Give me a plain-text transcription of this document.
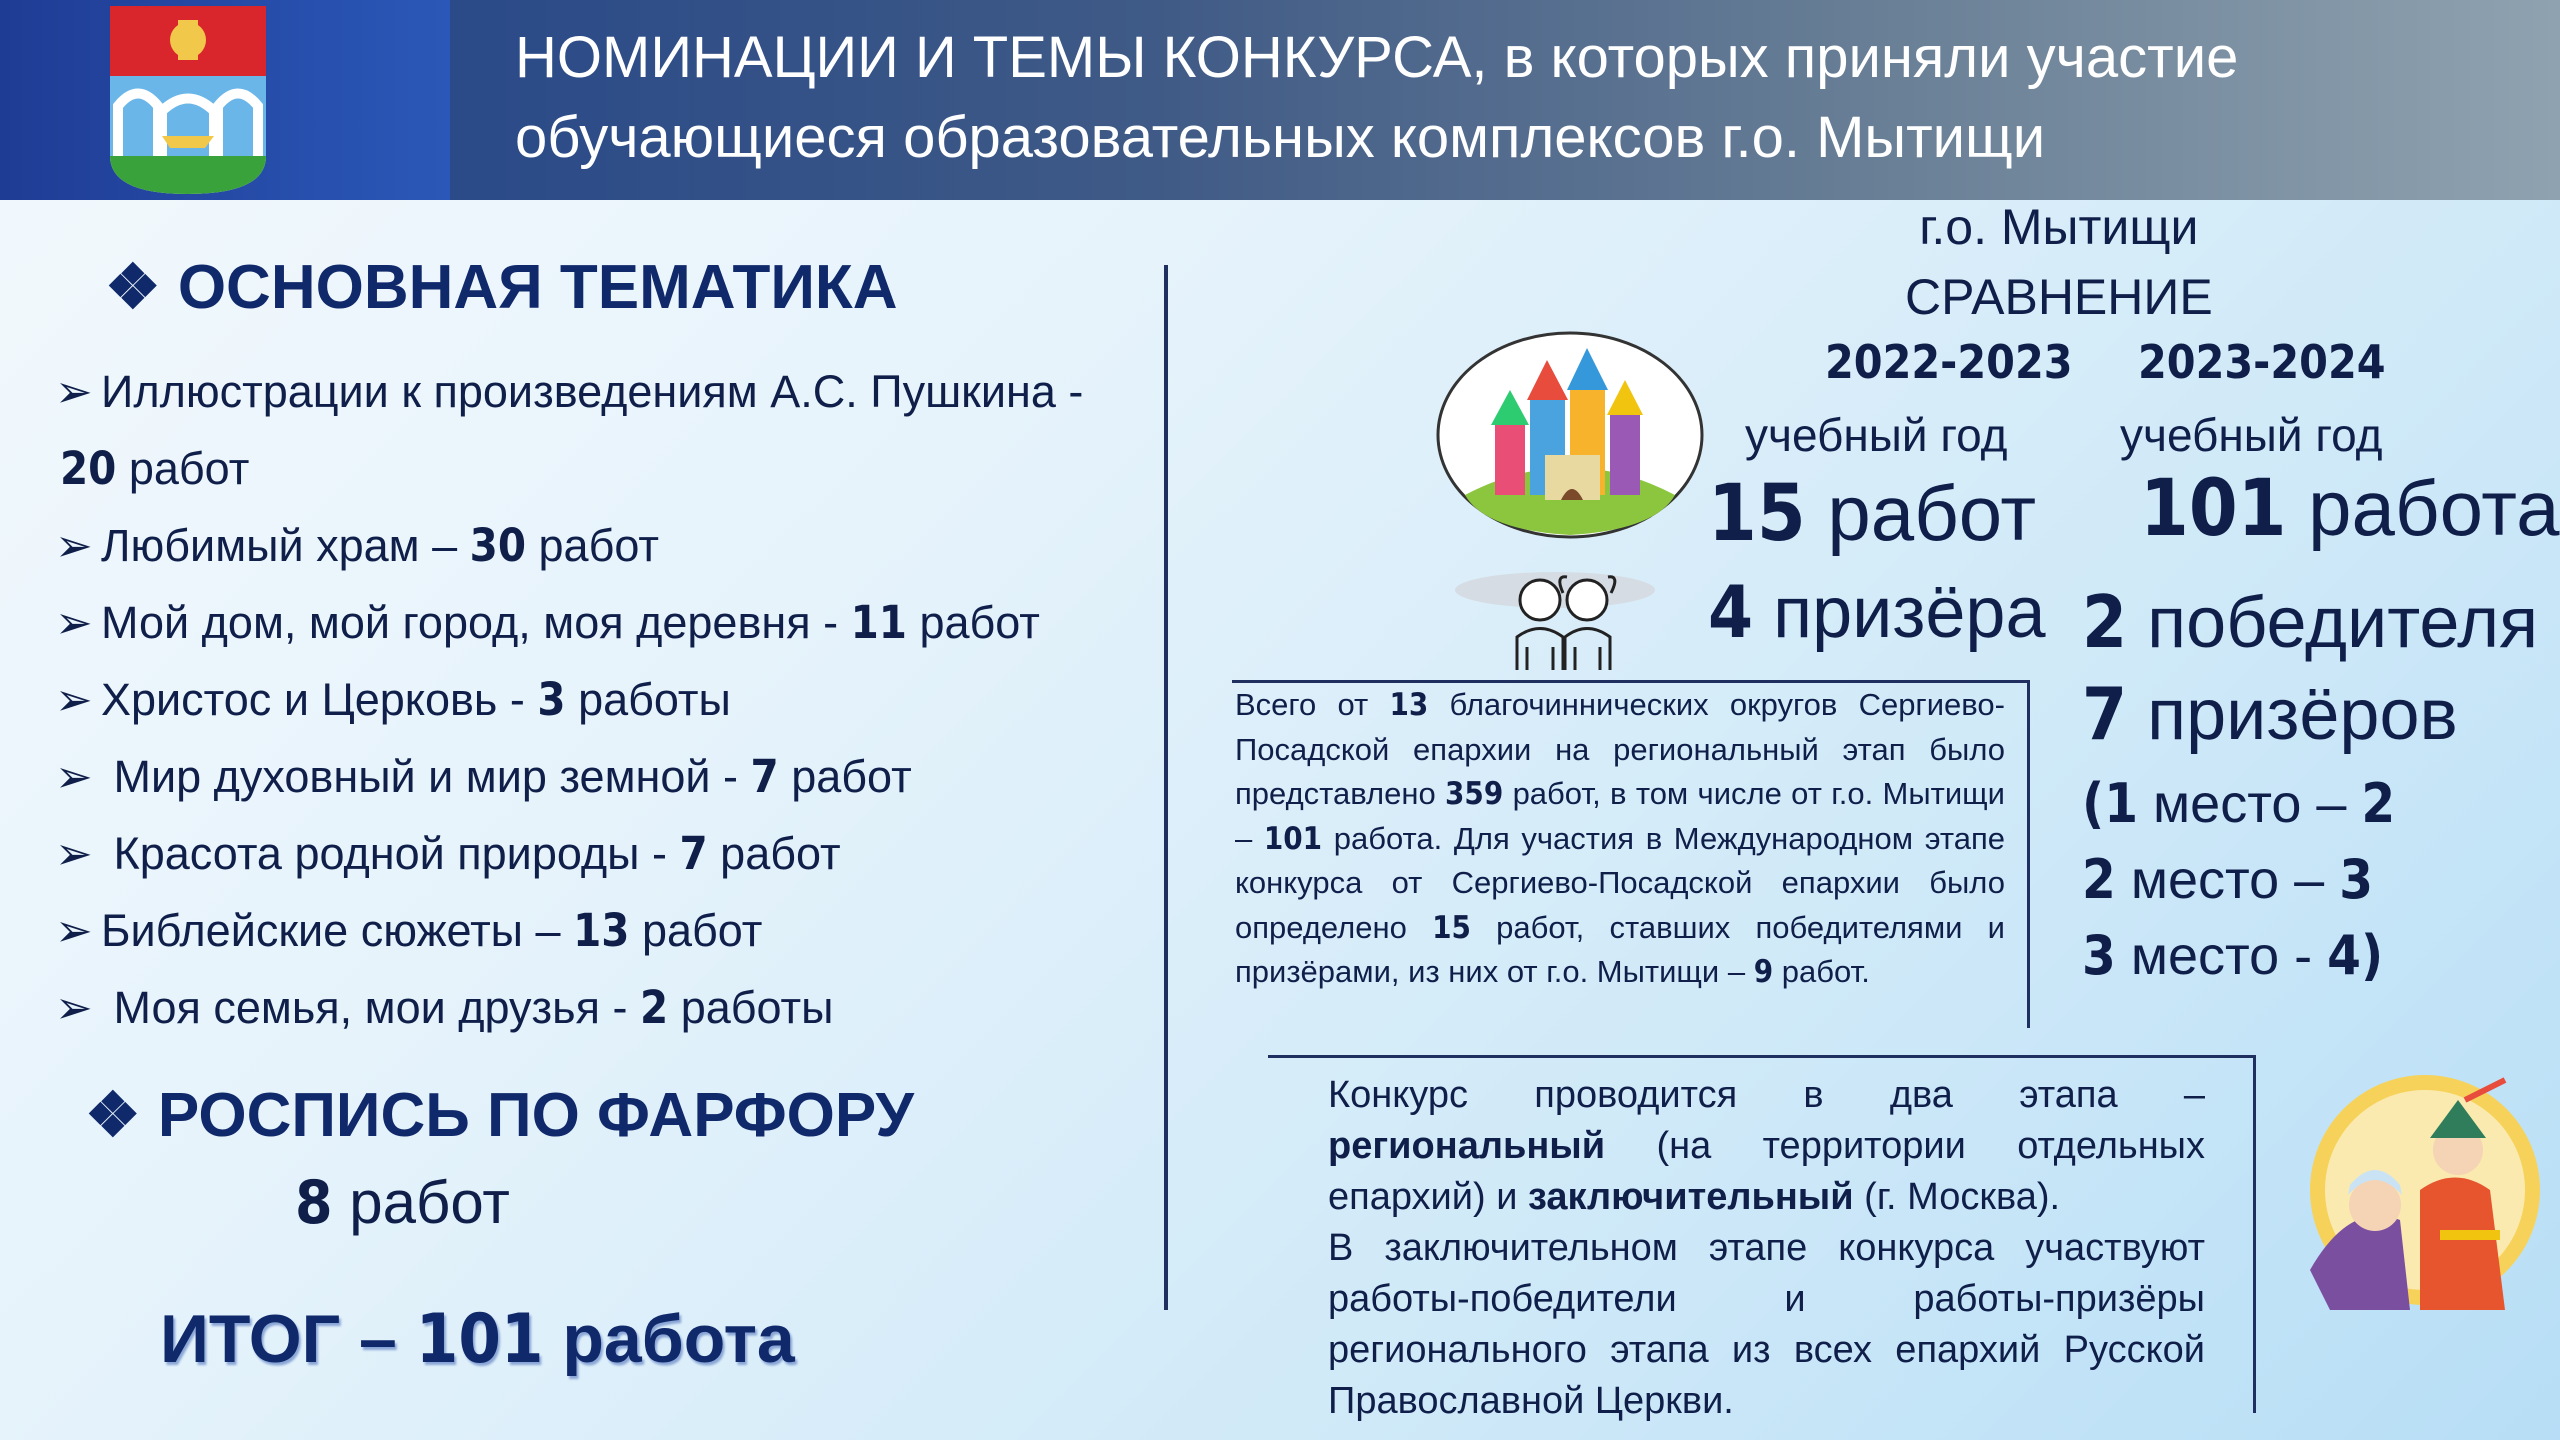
НОМИНАЦИИ И ТЕМЫ КОНКУРСА, в которых приняли участие
обучающиеся образовательных комплексов г.о. Мытищи
❖ ОСНОВНАЯ ТЕМАТИКА
➢ Иллюстрации к произведениям А.С. Пушкина -
20 работ
➢ Любимый храм – 30 работ
➢ Мой дом, мой город, моя деревня - 11 работ
➢ Христос и Церковь - 3 работы
➢ Мир духовный и мир земной - 7 работ
➢ Красота родной природы - 7 работ
➢ Библейские сюжеты – 13 работ
➢ Моя семья, мои друзья - 2 работы
❖ РОСПИСЬ ПО ФАРФОРУ
8 работ
ИТОГ – 101 работа
г.о. Мытищи
СРАВНЕНИЕ
2022-2023 2023-2024
учебный год учебный год
15 работ 101 работа
4 призёра 2 победителя
7 призёров
(1 место – 2
2 место – 3
3 место - 4)
Всего от 13 благочиннических округов Сергиево-Посадской епархии на региональный этап было представлено 359 работ, в том числе от г.о. Мытищи – 101 работа. Для участия в Международном этапе конкурса от Сергиево-Посадской епархии было определено 15 работ, ставших победителями и призёрами, из них от г.о. Мытищи – 9 работ.
Конкурс проводится в два этапа – региональный (на территории отдельных епархий) и заключительный (г. Москва).
В заключительном этапе конкурса участвуют работы-победители и работы-призёры регионального этапа из всех епархий Русской Православной Церкви.
